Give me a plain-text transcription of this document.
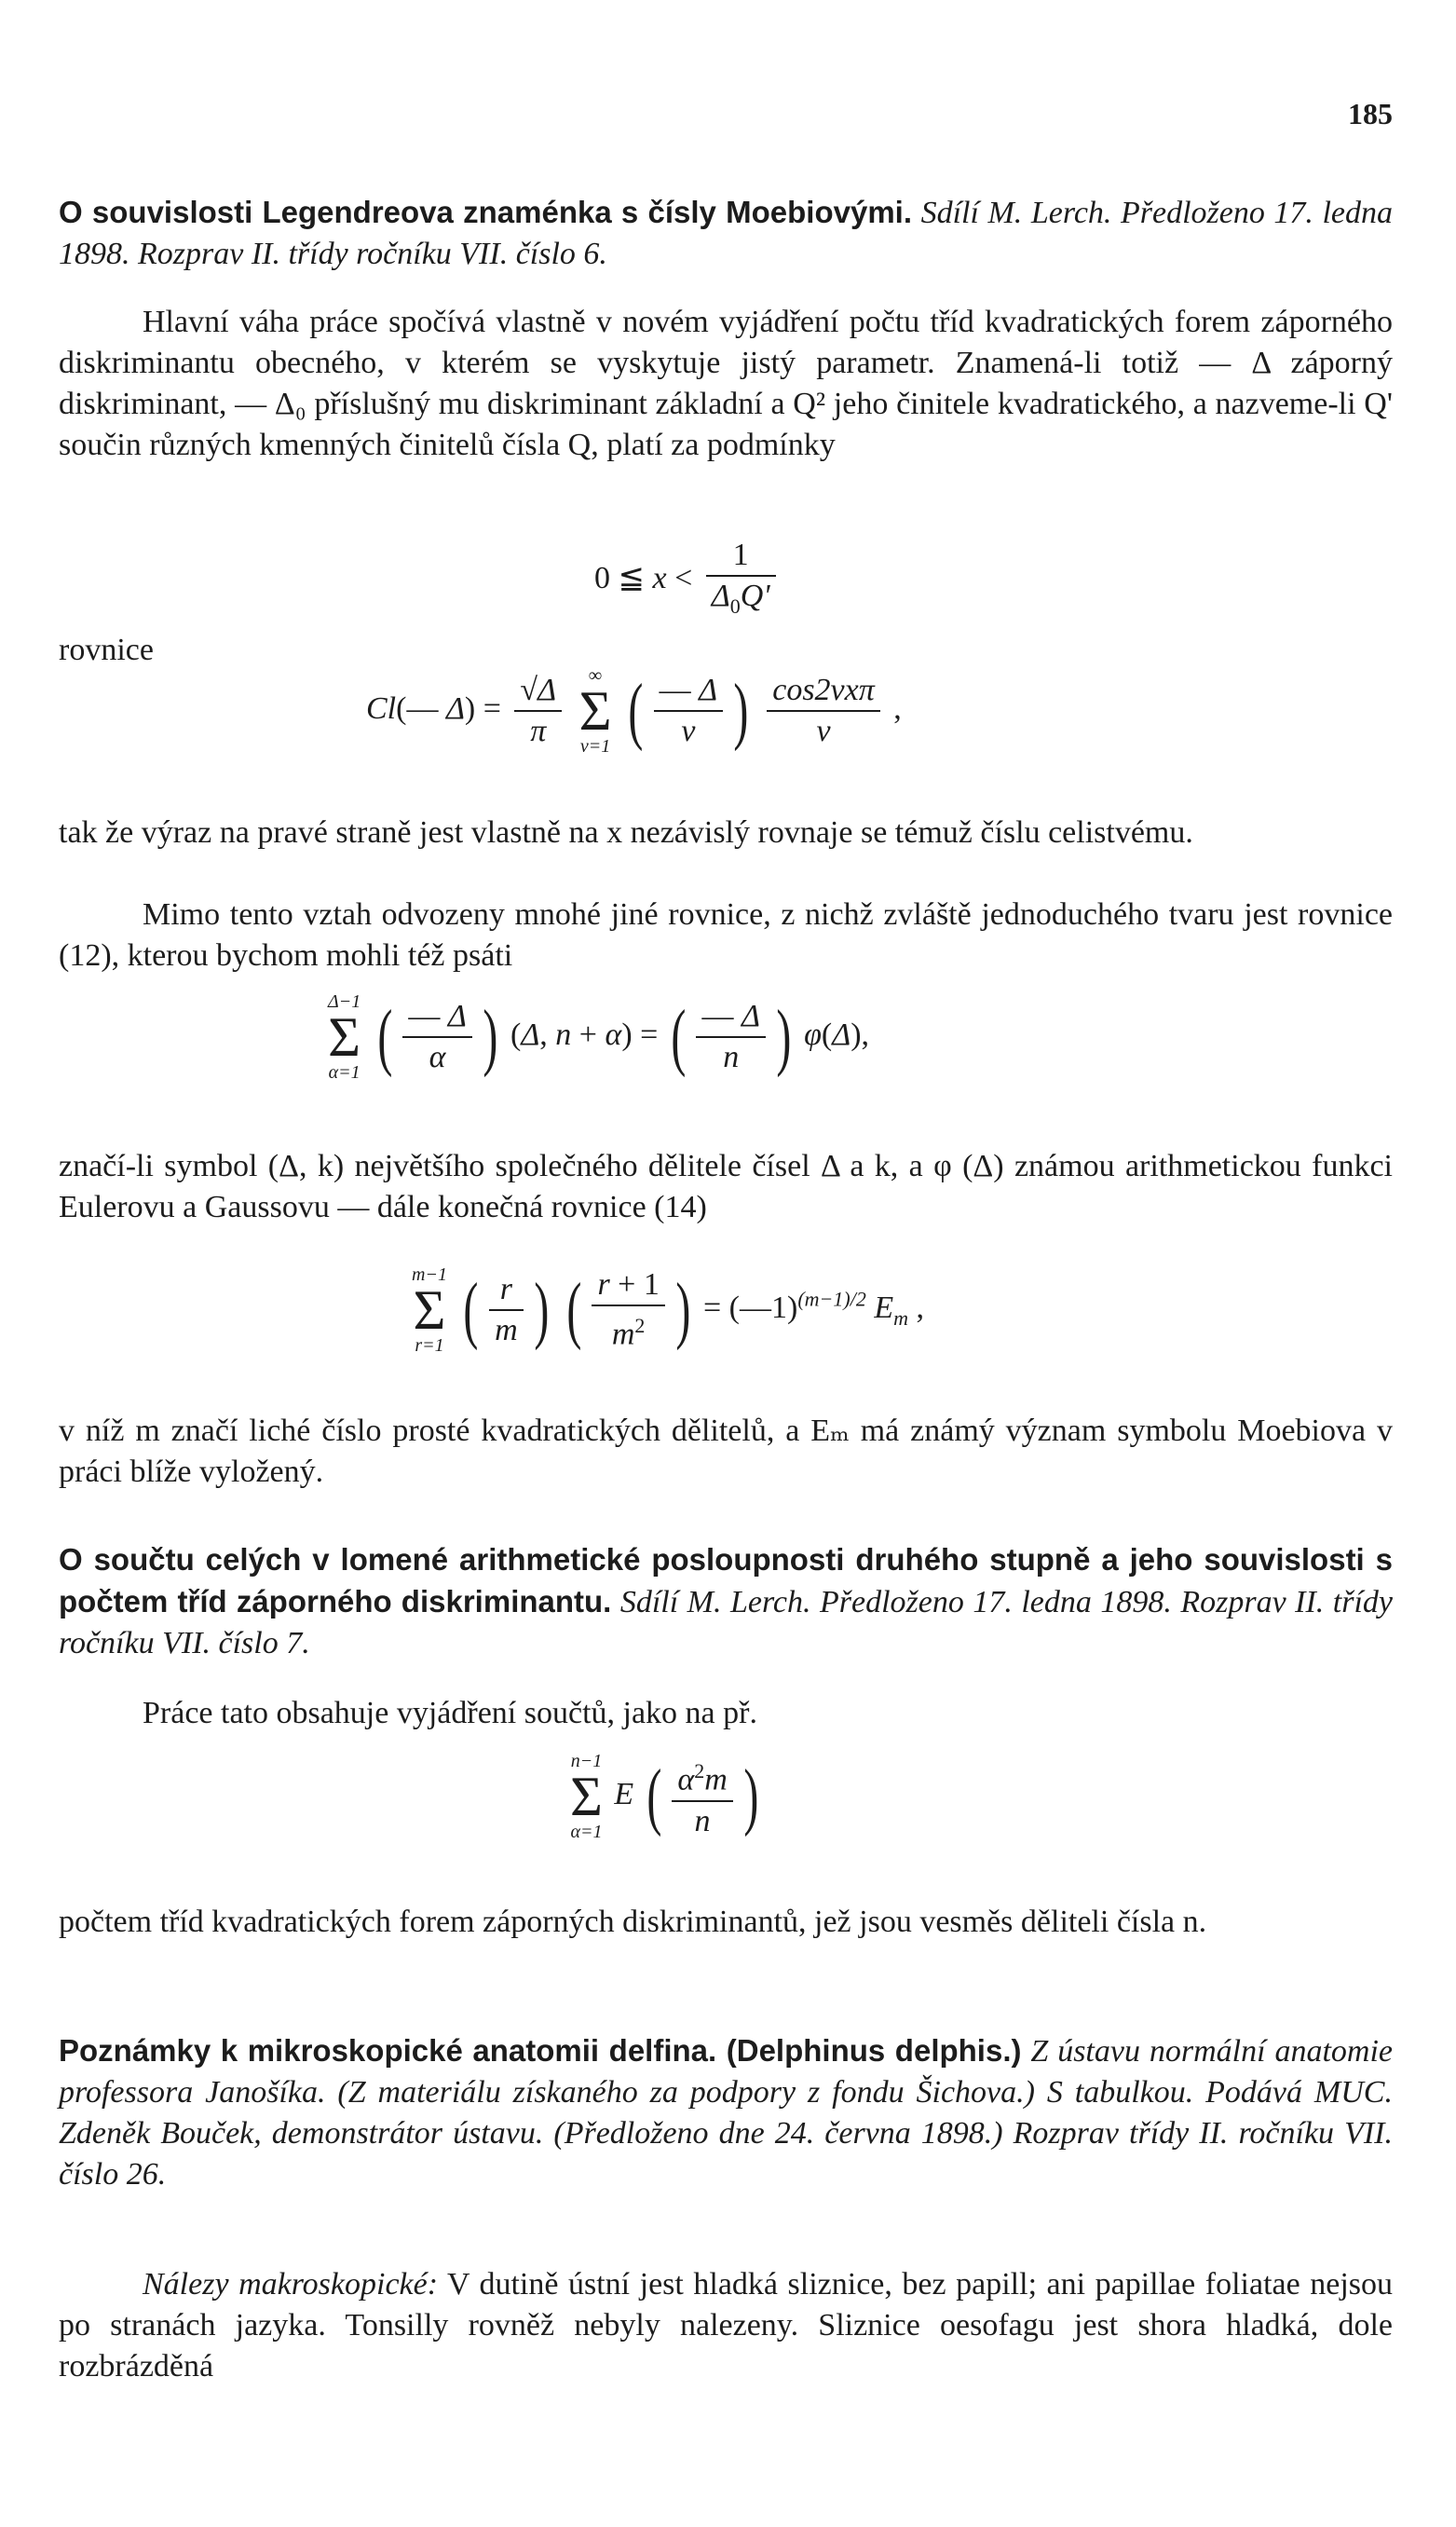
185

O souvislosti Legendreova znaménka s čísly Moebiovými. Sdílí M. Lerch. Předloženo 17. ledna 1898. Rozprav II. třídy ročníku VII. číslo 6.

Hlavní váha práce spočívá vlastně v novém vyjádření počtu tříd kvadratických forem záporného diskriminantu obecného, v kterém se vyskytuje jistý parametr. Znamená-li totiž — Δ záporný diskriminant, — Δ₀ příslušný mu diskriminant základní a Q² jeho činitele kvadratického, a nazveme-li Q' součin různých kmenných činitelů čísla Q, platí za podmínky

0 ≦ $x < \frac{1}{\Delta_0Q'}$

rovnice

Cl(— $\Delta) = \frac{√\Delta}{\pi}$
	∞
Σ
ν=1 ( $\frac{— \Delta}{\nu}$ ) $\frac{\text{cos2νxπ}}{\nu}$ ,

tak že výraz na pravé straně jest vlastně na x nezávislý rovnaje se témuž číslu celistvému.

Mimo tento vztah odvozeny mnohé jiné rovnice, z nichž zvláště jednoduchého tvaru jest rovnice (12), kterou bychom mohli též psáti

Δ−1
Σ
α=1 ( $\frac{— \Delta}{\alpha}$ ) (Δ, n + α) = ( $\frac{— \Delta}{n}$ ) φ(Δ),

značí-li symbol (Δ, k) největšího společného dělitele čísel Δ a k, a φ (Δ) známou arithmetickou funkci Eulerovu a Gaussovu — dále konečná rovnice (14)

m−1
Σ
r=1 ( $\frac{r}{m}$ ) ( $\frac{r + 1}{m^2}$ ) = (—1)$^{(m-1)/2}$ $E_m$ ,

v níž m značí liché číslo prosté kvadratických dělitelů, a Eₘ má známý význam symbolu Moebiova v práci blíže vyložený.

O součtu celých v lomené arithmetické posloupnosti druhého stupně a jeho souvislosti s počtem tříd záporného diskriminantu. Sdílí M. Lerch. Předloženo 17. ledna 1898. Rozprav II. třídy ročníku VII. číslo 7.

Práce tato obsahuje vyjádření součtů, jako na př.

n−1
Σ
α=1
E ( $\frac{\alpha^2m}{n}$ )

počtem tříd kvadratických forem záporných diskriminantů, jež jsou vesměs děliteli čísla n.

Poznámky k mikroskopické anatomii delfina. (Delphinus delphis.) Z ústavu normální anatomie professora Janošíka. (Z materiálu získaného za podpory z fondu Šichova.) S tabulkou. Podává MUC. Zdeněk Bouček, demonstrátor ústavu. (Předloženo dne 24. června 1898.) Rozprav třídy II. ročníku VII. číslo 26.

Nálezy makroskopické: V dutině ústní jest hladká sliznice, bez papill; ani papillae foliatae nejsou po stranách jazyka. Tonsilly rovněž nebyly nalezeny. Sliznice oesofagu jest shora hladká, dole rozbrázděná
